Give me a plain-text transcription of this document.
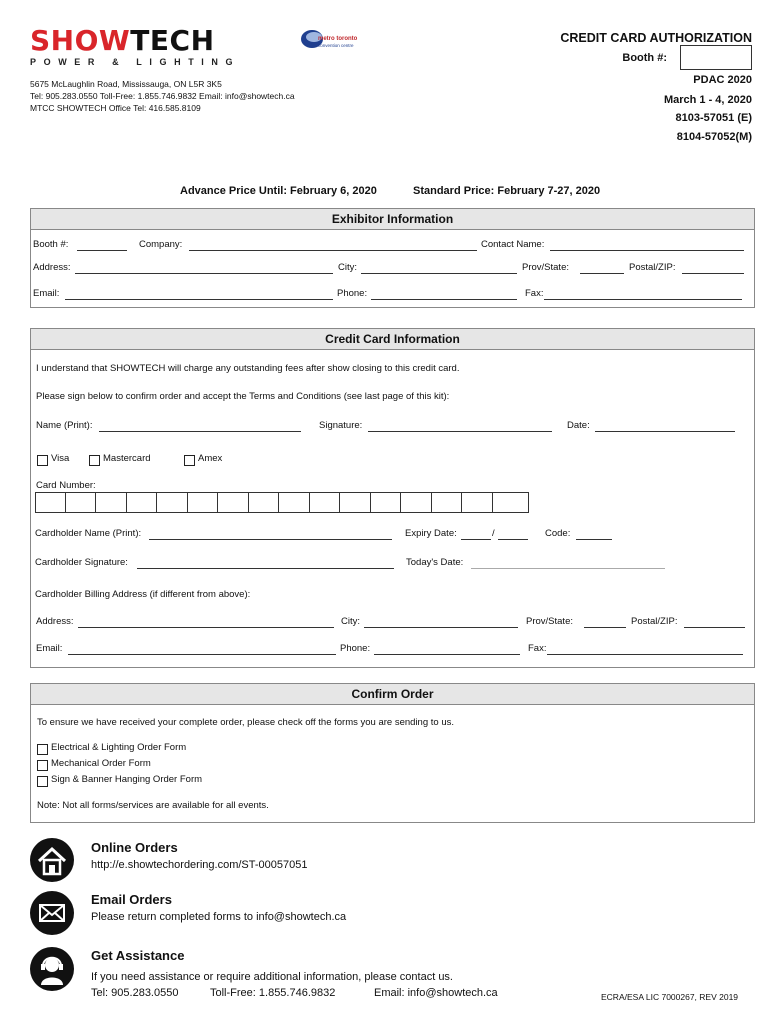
SHOWTECH
POWER & LIGHTING
metro toronto
convention centre
5675 McLaughlin Road, Mississauga, ON L5R 3K5
Tel: 905.283.0550 Toll-Free: 1.855.746.9832 Email: info@showtech.ca
MTCC SHOWTECH Office Tel: 416.585.8109
CREDIT CARD AUTHORIZATION
Booth #:
PDAC 2020
March 1 - 4, 2020
8103-57051 (E)
8104-57052(M)
Advance Price Until: February 6, 2020	Standard Price: February 7-27, 2020
Exhibitor Information
Booth #:	Company:	Contact Name:
Address:	City:	Prov/State:	Postal/ZIP:
Email:	Phone:	Fax:
Credit Card Information
I understand that SHOWTECH will charge any outstanding fees after show closing to this credit card.
Please sign below to confirm order and accept the Terms and Conditions (see last page of this kit):
Name (Print):	Signature:	Date:
Visa	Mastercard	Amex
Card Number:
Cardholder Name (Print):	Expiry Date:	/	Code:
Cardholder Signature:	Today's Date:
Cardholder Billing Address (if different from above):
Address:	City:	Prov/State:	Postal/ZIP:
Email:	Phone:	Fax:
Confirm Order
To ensure we have received your complete order, please check off the forms you are sending to us.
Electrical & Lighting Order Form
Mechanical Order Form
Sign & Banner Hanging Order Form
Note: Not all forms/services are available for all events.
Online Orders
http://e.showtechordering.com/ST-00057051
Email Orders
Please return completed forms to info@showtech.ca
Get Assistance
If you need assistance or require additional information, please contact us.
Tel: 905.283.0550	Toll-Free: 1.855.746.9832	Email: info@showtech.ca	ECRA/ESA LIC 7000267, REV 2019
